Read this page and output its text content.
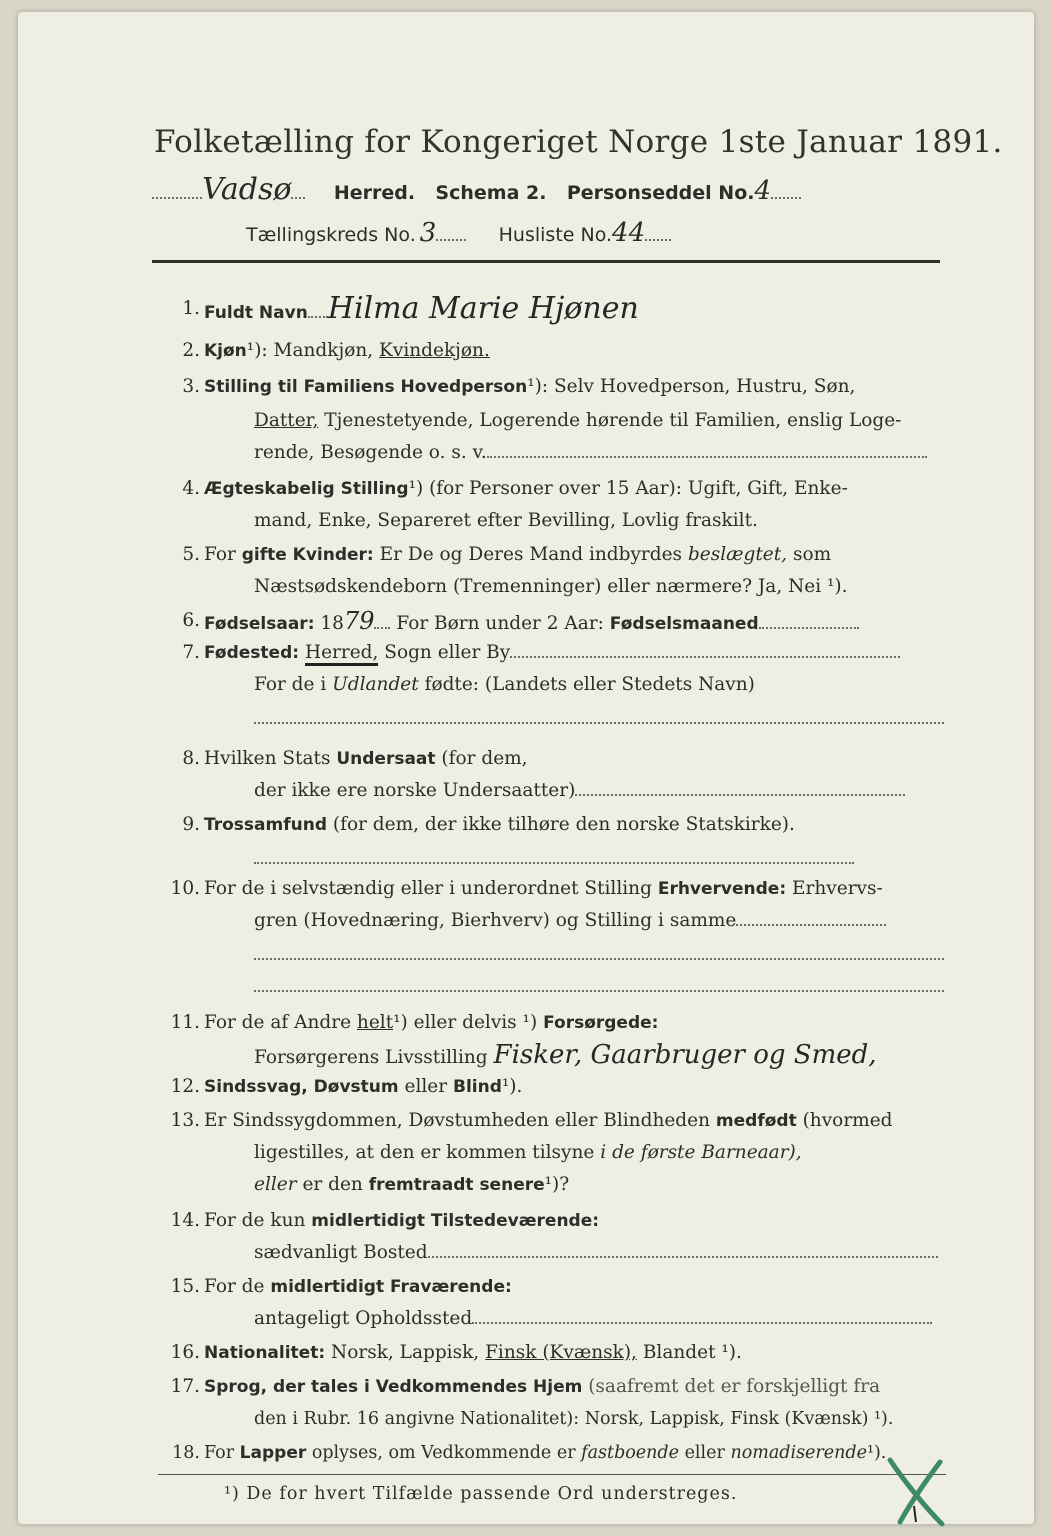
Folketælling for Kongeriget Norge 1ste Januar 1891.
Vadsø Herred. Schema 2. Personseddel No.4
Tællingskreds No. 3	Husliste No.44
1. Fuldt Navn Hilma Marie Hjønen
2. Kjøn¹): Mandkjøn, Kvindekjøn.
3. Stilling til Familiens Hovedperson¹): Selv Hovedperson, Hustru, Søn,
Datter, Tjenestetyende, Logerende hørende til Familien, enslig Loge-
rende, Besøgende o. s. v.
4. Ægteskabelig Stilling¹) (for Personer over 15 Aar): Ugift, Gift, Enke-
mand, Enke, Separeret efter Bevilling, Lovlig fraskilt.
5. For gifte Kvinder: Er De og Deres Mand indbyrdes beslægtet, som
Næstsødskendeborn (Tremenninger) eller nærmere? Ja, Nei ¹).
6. Fødselsaar: 1879 For Børn under 2 Aar: Fødselsmaaned
7. Fødested: Herred, Sogn eller By
For de i Udlandet fødte: (Landets eller Stedets Navn)
8. Hvilken Stats Undersaat (for dem,
der ikke ere norske Undersaatter)
9. Trossamfund (for dem, der ikke tilhøre den norske Statskirke).
10. For de i selvstændig eller i underordnet Stilling Erhvervende: Erhvervs-
gren (Hovednæring, Bierhverv) og Stilling i samme
11. For de af Andre helt¹) eller delvis ¹) Forsørgede:
Forsørgerens Livsstilling Fisker, Gaarbruger og Smed,
12. Sindssvag, Døvstum eller Blind¹).
13. Er Sindssygdommen, Døvstumheden eller Blindheden medfødt (hvormed
ligestilles, at den er kommen tilsyne i de første Barneaar),
eller er den fremtraadt senere¹)?
14. For de kun midlertidigt Tilstedeværende:
sædvanligt Bosted
15. For de midlertidigt Fraværende:
antageligt Opholdssted
16. Nationalitet: Norsk, Lappisk, Finsk (Kvænsk), Blandet ¹).
17. Sprog, der tales i Vedkommendes Hjem (saafremt det er forskjelligt fra
den i Rubr. 16 angivne Nationalitet): Norsk, Lappisk, Finsk (Kvænsk) ¹).
18. For Lapper oplyses, om Vedkommende er fastboende eller nomadiserende¹).
¹) De for hvert Tilfælde passende Ord understreges.
